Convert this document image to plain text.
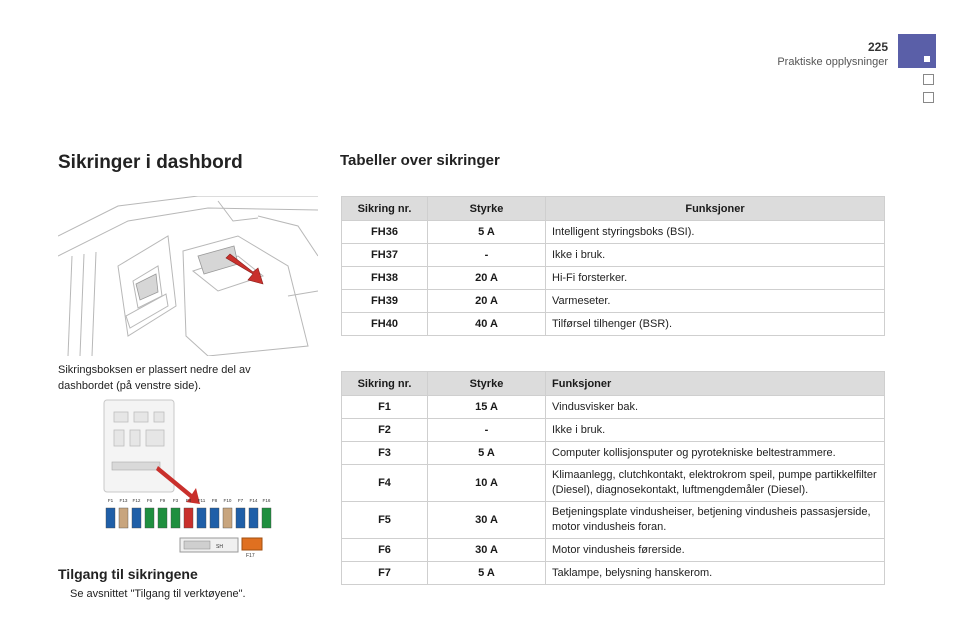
225
Praktiske opplysninger
Sikringer i dashbord	Tabeller over sikringer

Sikringsboksen er plassert nedre del av dashbordet (på venstre side).

F1 F13 F12 F6 F9 F3 F4 F11 F8 F10 F7 F14 F16
SH
F17
Tilgang til sikringene
Se avsnittet "Tilgang til verktøyene".
Sikring nr.	Styrke	Funksjoner
FH36	5 A	Intelligent styringsboks (BSI).
FH37	-	Ikke i bruk.
FH38	20 A	Hi-Fi forsterker.
FH39	20 A	Varmeseter.
FH40	40 A	Tilførsel tilhenger (BSR).
Sikring nr.	Styrke	Funksjoner
F1	15 A	Vindusvisker bak.
F2	-	Ikke i bruk.
F3	5 A	Computer kollisjonsputer og pyrotekniske beltestrammere.
F4	10 A	Klimaanlegg, clutchkontakt, elektrokrom speil, pumpe partikkelfilter (Diesel), diagnosekontakt, luftmengdemåler (Diesel).
F5	30 A	Betjeningsplate vindusheiser, betjening vindusheis passasjerside, motor vindusheis foran.
F6	30 A	Motor vindusheis førerside.
F7	5 A	Taklampe, belysning hanskerom.
